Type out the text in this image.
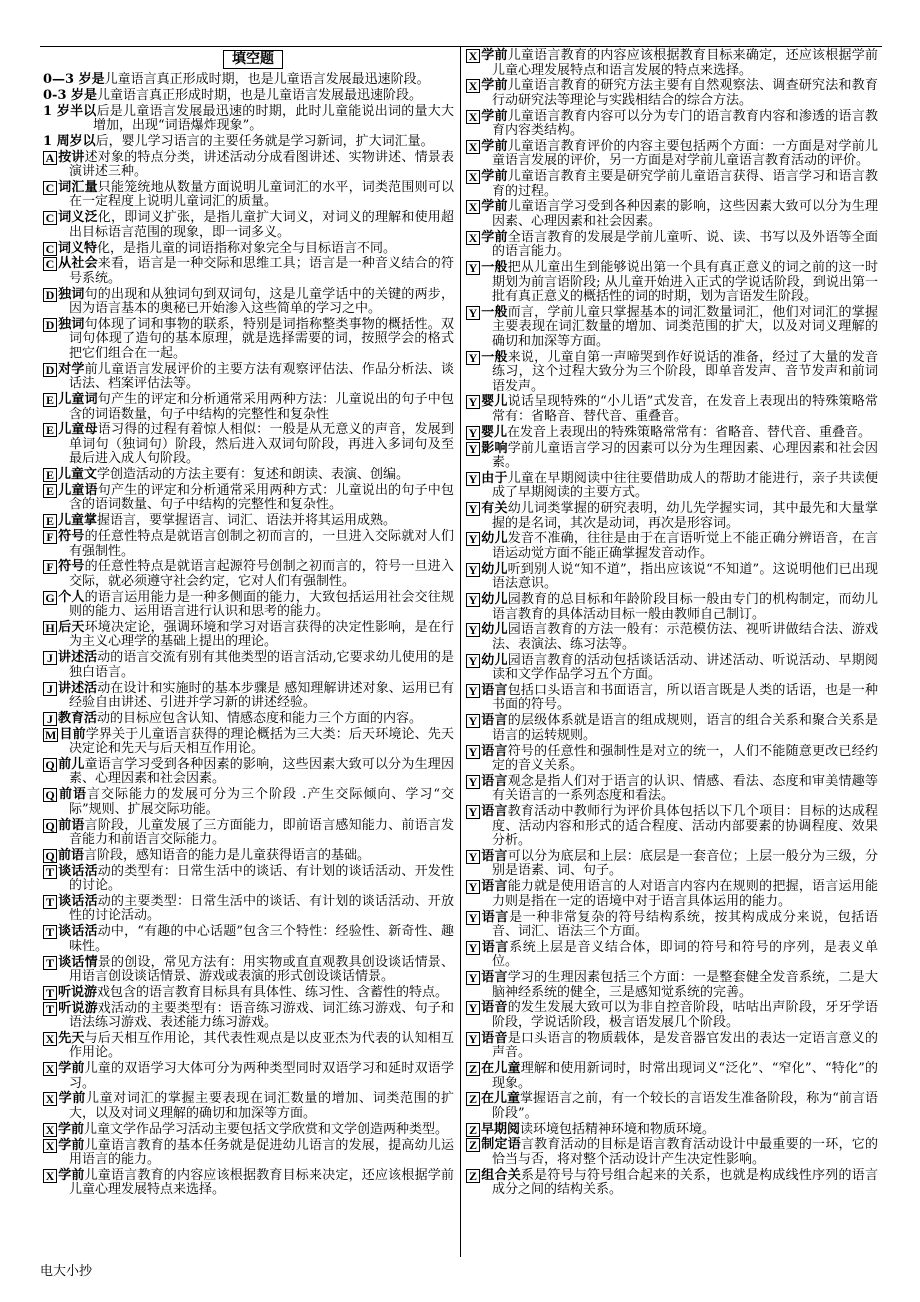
填空题

0—3 岁是儿童语言真正形成时期，也是儿童语言发展最迅速阶段。

0-3 岁是儿童语言真正形成时期，也是儿童语言发展最迅速阶段。

1 岁半以后是儿童语言发展最迅速的时期，此时儿童能说出词的量大大增加，出现“词语爆炸现象”。

1 周岁以后，婴儿学习语言的主要任务就是学习新词，扩大词汇量。

A 按讲述对象的特点分类，讲述活动分成看图讲述、实物讲述、情景表演讲述三种。

C 词汇量只能笼统地从数量方面说明儿童词汇的水平，词类范围则可以在一定程度上说明儿童词汇的质量。

C 词义泛化，即词义扩张，是指儿童扩大词义，对词义的理解和使用超出目标语言范围的现象，即一词多义。

C 词义特化，是指儿童的词语指称对象完全与目标语言不同。

C 从社会来看，语言是一种交际和思维工具；语言是一种音义结合的符号系统。

D 独词句的出现和从独词句到双词句，这是儿童学话中的关键的两步，因为语言基本的奥秘已开始渗入这些简单的学习之中。

D 独词句体现了词和事物的联系，特别是词指称整类事物的概括性。双词句体现了造句的基本原理，就是选择需要的词，按照学会的格式把它们组合在一起。

D 对学前儿童语言发展评价的主要方法有观察评估法、作品分析法、谈话法、档案评估法等。

E 儿童词句产生的评定和分析通常采用两种方法：儿童说出的句子中包含的词语数量，句子中结构的完整性和复杂性

E 儿童母语习得的过程有着惊人相似：一般是从无意义的声音，发展到单词句（独词句）阶段，然后进入双词句阶段，再进入多词句及至最后进入成人句阶段。

E 儿童文学创造活动的方法主要有：复述和朗读、表演、创编。

E 儿童语句产生的评定和分析通常采用两种方式：儿童说出的句子中包含的语词数量、句子中结构的完整性和复杂性。

E 儿童掌握语言，要掌握语言、词汇、语法并将其运用成熟。

F 符号的任意性特点是就语言创制之初而言的，一旦进入交际就对人们有强制性。

F 符号的任意性特点是就语言起源符号创制之初而言的，符号一旦进入交际，就必须遵守社会约定，它对人们有强制性。

G 个人的语言运用能力是一种多侧面的能力，大致包括运用社会交往规则的能力、运用语言进行认识和思考的能力。

H 后天环境决定论，强调环境和学习对语言获得的决定性影响，是在行为主义心理学的基础上提出的理论。

J 讲述活动的语言交流有别有其他类型的语言活动,它要求幼儿使用的是独白语言。

J 讲述活动在设计和实施时的基本步骤是 感知理解讲述对象、运用已有经验自由讲述、引进并学习新的讲述经验。

J 教育活动的目标应包含认知、情感态度和能力三个方面的内容。

M 目前学界关于儿童语言获得的理论概括为三大类：后天环境论、先天决定论和先天与后天相互作用论。

Q 前儿童语言学习受到各种因素的影响，这些因素大致可以分为生理因素、心理因素和社会因素。

Q 前语言交际能力的发展可分为三个阶段 .产生交际倾向、学习“交际”规则、扩展交际功能。

Q 前语言阶段，儿童发展了三方面能力，即前语言感知能力、前语言发音能力和前语言交际能力。

Q 前语言阶段，感知语音的能力是儿童获得语言的基础。

T 谈话活动的类型有：日常生活中的谈话、有计划的谈话活动、开发性的讨论。

T 谈话活动的主要类型：日常生活中的谈话、有计划的谈话活动、开放性的讨论活动。

T 谈话活动中，“有趣的中心话题”包含三个特性：经验性、新奇性、趣味性。

T 谈话情景的创设，常见方法有：用实物或直直观教具创设谈话情景、用语言创设谈话情景、游戏或表演的形式创设谈话情景。

T 听说游戏包含的语言教育目标具有具体性、练习性、含蓄性的特点。

T 听说游戏活动的主要类型有：语音练习游戏、词汇练习游戏、句子和语法练习游戏、表述能力练习游戏。

X 先天与后天相互作用论，其代表性观点是以皮亚杰为代表的认知相互作用论。

X 学前儿童的双语学习大体可分为两种类型同时双语学习和延时双语学习。

X 学前儿童对词汇的掌握主要表现在词汇数量的增加、词类范围的扩大，以及对词义理解的确切和加深等方面。

X 学前儿童文学作品学习活动主要包括文学欣赏和文学创造两种类型。

X 学前儿童语言教育的基本任务就是促进幼儿语言的发展，提高幼儿运用语言的能力。

X 学前儿童语言教育的内容应该根据教育目标来决定，还应该根据学前儿童心理发展特点来选择。

X 学前儿童语言教育的内容应该根据教育目标来确定，还应该根据学前儿童心理发展特点和语言发展的特点来选择。

X 学前儿童语言教育的研究方法主要有自然观察法、调查研究法和教育行动研究法等理论与实践相结合的综合方法。

X 学前儿童语言教育内容可以分为专门的语言教育内容和渗透的语言教育内容类结构。

X 学前儿童语言教育评价的内容主要包括两个方面：一方面是对学前儿童语言发展的评价，另一方面是对学前儿童语言教育活动的评价。

X 学前儿童语言教育主要是研究学前儿童语言获得、语言学习和语言教育的过程。

X 学前儿童语言学习受到各种因素的影响，这些因素大致可以分为生理因素、心理因素和社会因素。

X 学前全语言教育的发展是学前儿童听、说、读、书写以及外语等全面的语言能力。

Y 一般把从儿童出生到能够说出第一个具有真正意义的词之前的这一时期划为前言语阶段; 从儿童开始进入正式的学说话阶段，到说出第一批有真正意义的概括性的词的时期，划为言语发生阶段。

Y 一般而言，学前儿童只掌握基本的词汇数量词汇，他们对词汇的掌握主要表现在词汇数量的增加、词类范围的扩大，以及对词义理解的确切和加深等方面。

Y 一般来说，儿童自第一声啼哭到作好说话的准备，经过了大量的发音练习，这个过程大致分为三个阶段，即单音发声、音节发声和前词语发声。

Y 婴儿说话呈现特殊的“小儿语”式发音，在发音上表现出的特殊策略常常有：省略音、替代音、重叠音。

Y 婴儿在发音上表现出的特殊策略常常有：省略音、替代音、重叠音。

Y 影响学前儿童语言学习的因素可以分为生理因素、心理因素和社会因素。

Y 由于儿童在早期阅读中往往要借助成人的帮助才能进行，亲子共读便成了早期阅读的主要方式。

Y 有关幼儿词类掌握的研究表明，幼儿先学握实词，其中最先和大量掌握的是名词，其次是动词，再次是形容词。

Y 幼儿发音不准确，往往是由于在言语听觉上不能正确分辨语音，在言语运动觉方面不能正确掌握发音动作。

Y 幼儿听到别人说“知不道”，指出应该说“不知道”。这说明他们已出现语法意识。

Y 幼儿园教育的总目标和年龄阶段目标一般由专门的机构制定，而幼儿语言教育的具体活动目标一般由教师自己制订。

Y 幼儿园语言教育的方法一般有：示范模仿法、视听讲做结合法、游戏法、表演法、练习法等。

Y 幼儿园语言教育的活动包括谈话活动、讲述活动、听说活动、早期阅读和文学作品学习五个方面。

Y 语言包括口头语言和书面语言，所以语言既是人类的话语，也是一种书面的符号。

Y 语言的层级体系就是语言的组成规则，语言的组合关系和聚合关系是语言的运转规则。

Y 语言符号的任意性和强制性是对立的统一，人们不能随意更改已经约定的音义关系。

Y 语言观念是指人们对于语言的认识、情感、看法、态度和审美情趣等有关语言的一系列态度和看法。

Y 语言教育活动中教师行为评价具体包括以下几个项目：目标的达成程度、活动内容和形式的适合程度、活动内部要素的协调程度、效果分析。

Y 语言可以分为底层和上层：底层是一套音位；上层一般分为三级，分别是语素、词、句子。

Y 语言能力就是使用语言的人对语言内容内在规则的把握，语言运用能力则是指在一定的语境中对于语言具体运用的能力。

Y 语言是一种非常复杂的符号结构系统，按其构成成分来说，包括语音、词汇、语法三个方面。

Y 语言系统上层是音义结合体，即词的符号和符号的序列，是表义单位。

Y 语言学习的生理因素包括三个方面：一是整套健全发音系统，二是大脑神经系统的健全，三是感知觉系统的完善。

Y 语音的发生发展大致可以为非自控音阶段，咕咕出声阶段，牙牙学语阶段，学说话阶段，极言语发展几个阶段。

Y 语音是口头语言的物质载体，是发音器官发出的表达一定语言意义的声音。

Z 在儿童理解和使用新词时，时常出现词义“泛化”、“窄化”、“特化”的现象。

Z 在儿童掌握语言之前，有一个较长的言语发生准备阶段，称为“前言语阶段”。

Z 早期阅读环境包括精神环境和物质环境。

Z 制定语言教育活动的目标是语言教育活动设计中最重要的一环，它的恰当与否，将对整个活动设计产生决定性影响。

Z 组合关系是符号与符号组合起来的关系，也就是构成线性序列的语言成分之间的结构关系。

电大小抄
